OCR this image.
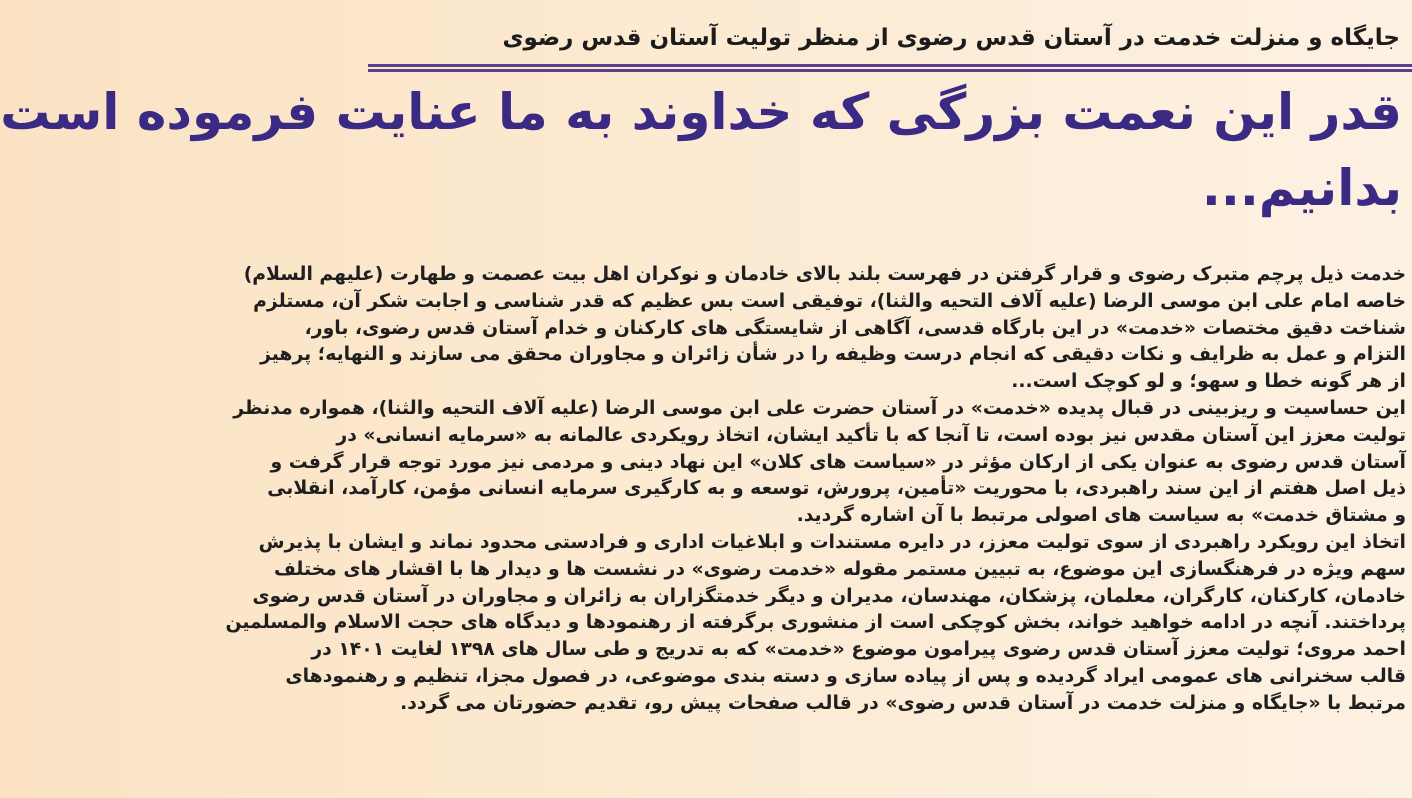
جایگاه و منزلت خدمت در آستان قدس رضوی از منظر تولیت آستان قدس رضوی
قدر این نعمت بزرگی که خداوند به ما عنایت فرموده است
بدانیم...
خدمت ذیل پرچم متبرک رضوی و قرار گرفتن در فهرست بلند بالای خادمان و نوکران اهل بیت عصمت و طهارت (علیهم السلام)
خاصه امام علی ابن موسی الرضا (علیه آلاف التحیه والثنا)، توفیقی است بس عظیم که قدر شناسی و اجابت شکر آن، مستلزم
شناخت دقیق مختصات «خدمت» در این بارگاه قدسی، آگاهی از شایستگی های کارکنان و خدام آستان قدس رضوی، باور،
التزام و عمل به ظرایف و نکات دقیقی که انجام درست وظیفه را در شأن زائران و مجاوران محقق می سازند و النهایه؛ پرهیز
از هر گونه خطا و سهو؛ و لو کوچک است...
این حساسیت و ریزبینی در قبال پدیده «خدمت» در آستان حضرت علی ابن موسی الرضا (علیه آلاف التحیه والثنا)، همواره مدنظر
تولیت معزز این آستان مقدس نیز بوده است، تا آنجا که با تأکید ایشان، اتخاذ رویکردی عالمانه به «سرمایه انسانی» در
آستان قدس رضوی به عنوان یکی از ارکان مؤثر در «سیاست های کلان» این نهاد دینی و مردمی نیز مورد توجه قرار گرفت و
ذیل اصل هفتم از این سند راهبردی، با محوریت «تأمین، پرورش، توسعه و به کارگیری سرمایه انسانی مؤمن، کارآمد، انقلابی
و مشتاق خدمت» به سیاست های اصولی مرتبط با آن اشاره گردید.
اتخاذ این رویکرد راهبردی از سوی تولیت معزز، در دایره مستندات و ابلاغیات اداری و فرادستی محدود نماند و ایشان با پذیرش
سهم ویژه در فرهنگسازی این موضوع، به تبیین مستمر مقوله «خدمت رضوی» در نشست ها و دیدار ها با اقشار های مختلف
خادمان، کارکنان، کارگران، معلمان، پزشکان، مهندسان، مدیران و دیگر خدمتگزاران به زائران و مجاوران در آستان قدس رضوی
پرداختند. آنچه در ادامه خواهید خواند، بخش کوچکی است از منشوری برگرفته از رهنمودها و دیدگاه های حجت الاسلام والمسلمین
احمد مروی؛ تولیت معزز آستان قدس رضوی پیرامون موضوع «خدمت» که به تدریج و طی سال های ۱۳۹۸ لغایت ۱۴۰۱ در
قالب سخنرانی های عمومی ایراد گردیده و پس از پیاده سازی و دسته بندی موضوعی، در فصول مجزا، تنظیم و رهنمودهای
مرتبط با «جایگاه و منزلت خدمت در آستان قدس رضوی» در قالب صفحات پیش رو، تقدیم حضورتان می گردد.
